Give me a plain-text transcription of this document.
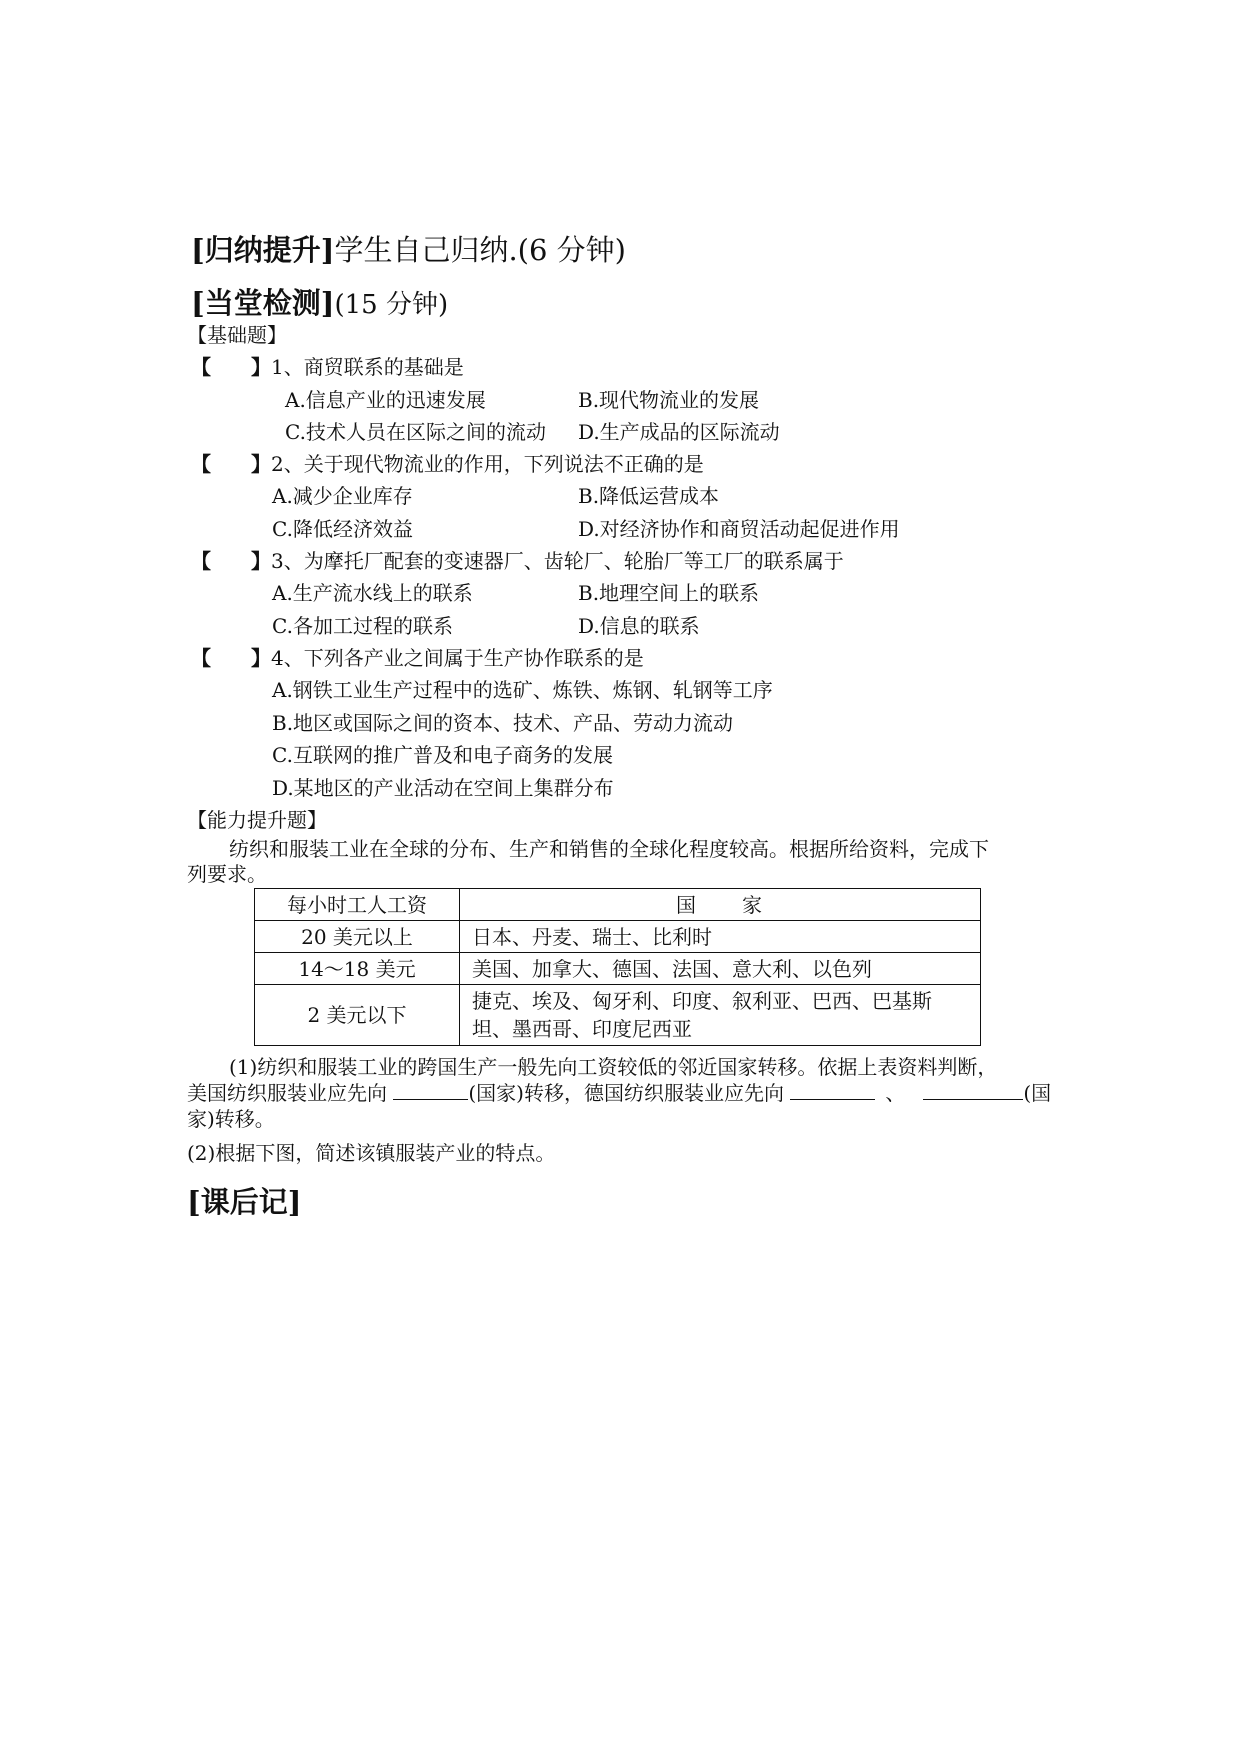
[归纳提升]学生自己归纳.(6 分钟)
[当堂检测](15 分钟)
【基础题】
【　　】1、商贸联系的基础是
A.信息产业的迅速发展	B.现代物流业的发展
C.技术人员在区际之间的流动 D.生产成品的区际流动
【　　】2、关于现代物流业的作用，下列说法不正确的是
A.减少企业库存	B.降低运营成本
C.降低经济效益	D.对经济协作和商贸活动起促进作用
【　　】3、为摩托厂配套的变速器厂、齿轮厂、轮胎厂等工厂的联系属于
A.生产流水线上的联系	B.地理空间上的联系
C.各加工过程的联系	D.信息的联系
【　　】4、下列各产业之间属于生产协作联系的是
A.钢铁工业生产过程中的选矿、炼铁、炼钢、轧钢等工序
B.地区或国际之间的资本、技术、产品、劳动力流动
C.互联网的推广普及和电子商务的发展
D.某地区的产业活动在空间上集群分布
【能力提升题】
纺织和服装工业在全球的分布、生产和销售的全球化程度较高。根据所给资料，完成下
列要求。
每小时工人工资	国　　家
20 美元以上	日本、丹麦、瑞士、比利时
14～18 美元	美国、加拿大、德国、法国、意大利、以色列
2 美元以下	捷克、埃及、匈牙利、印度、叙利亚、巴西、巴基斯坦、墨西哥、印度尼西亚
(1)纺织和服装工业的跨国生产一般先向工资较低的邻近国家转移。依据上表资料判断，
美国纺织服装业应先向	(国家)转移，德国纺织服装业应先向	、	(国
家)转移。
(2)根据下图，简述该镇服装产业的特点。
[课后记]
